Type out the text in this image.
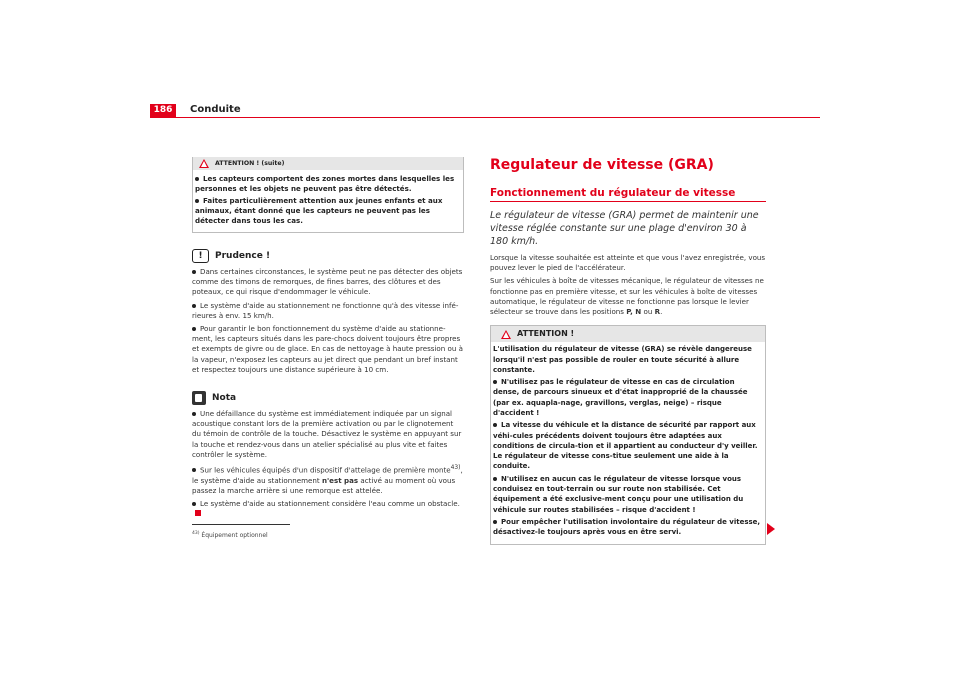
186	Conduite
!
ATTENTION ! (suite)

Les capteurs comportent des zones mortes dans lesquelles les personnes et les objets ne peuvent pas être détectés.

Faites particulièrement attention aux jeunes enfants et aux animaux, étant donné que les capteurs ne peuvent pas les détecter dans tous les cas.

!	Prudence !

Dans certaines circonstances, le système peut ne pas détecter des objets comme des timons de remorques, de fines barres, des clôtures et des poteaux, ce qui risque d'endommager le véhicule.

Le système d'aide au stationnement ne fonctionne qu'à des vitesse infé-rieures à env. 15 km/h.

Pour garantir le bon fonctionnement du système d'aide au stationne-ment, les capteurs situés dans les pare-chocs doivent toujours être propres et exempts de givre ou de glace. En cas de nettoyage à haute pression ou à la vapeur, n'exposez les capteurs au jet direct que pendant un bref instant et respectez toujours une distance supérieure à 10 cm.

Nota

Une défaillance du système est immédiatement indiquée par un signal acoustique constant lors de la première activation ou par le clignotement du témoin de contrôle de la touche. Désactivez le système en appuyant sur la touche et rendez-vous dans un atelier spécialisé au plus vite et faites contrôler le système.

Sur les véhicules équipés d'un dispositif d'attelage de première monte$^{43)}$, le système d'aide au stationnement n'est pas activé au moment où vous passez la marche arrière si une remorque est attelée.

Le système d'aide au stationnement considère l'eau comme un obstacle.

$^{43)}$ Équipement optionnel
Regulateur de vitesse (GRA)
Fonctionnement du régulateur de vitesse

Le régulateur de vitesse (GRA) permet de maintenir une vitesse réglée constante sur une plage d'environ 30 à 180 km/h.

Lorsque la vitesse souhaitée est atteinte et que vous l'avez enregistrée, vous pouvez lever le pied de l'accélérateur.

Sur les véhicules à boîte de vitesses mécanique, le régulateur de vitesses ne fonctionne pas en première vitesse, et sur les véhicules à boîte de vitesses automatique, le régulateur de vitesse ne fonctionne pas lorsque le levier sélecteur se trouve dans les positions P, N ou R.

! ATTENTION !

L'utilisation du régulateur de vitesse (GRA) se révèle dangereuse lorsqu'il n'est pas possible de rouler en toute sécurité à allure constante.

N'utilisez pas le régulateur de vitesse en cas de circulation dense, de parcours sinueux et d'état inapproprié de la chaussée (par ex. aquapla-nage, gravillons, verglas, neige) – risque d'accident !

La vitesse du véhicule et la distance de sécurité par rapport aux véhi-cules précédents doivent toujours être adaptées aux conditions de circula-tion et il appartient au conducteur d'y veiller. Le régulateur de vitesse cons-titue seulement une aide à la conduite.

N'utilisez en aucun cas le régulateur de vitesse lorsque vous conduisez en tout-terrain ou sur route non stabilisée. Cet équipement a été exclusive-ment conçu pour une utilisation du véhicule sur routes stabilisées – risque d'accident !

Pour empêcher l'utilisation involontaire du régulateur de vitesse, désactivez-le toujours après vous en être servi.
